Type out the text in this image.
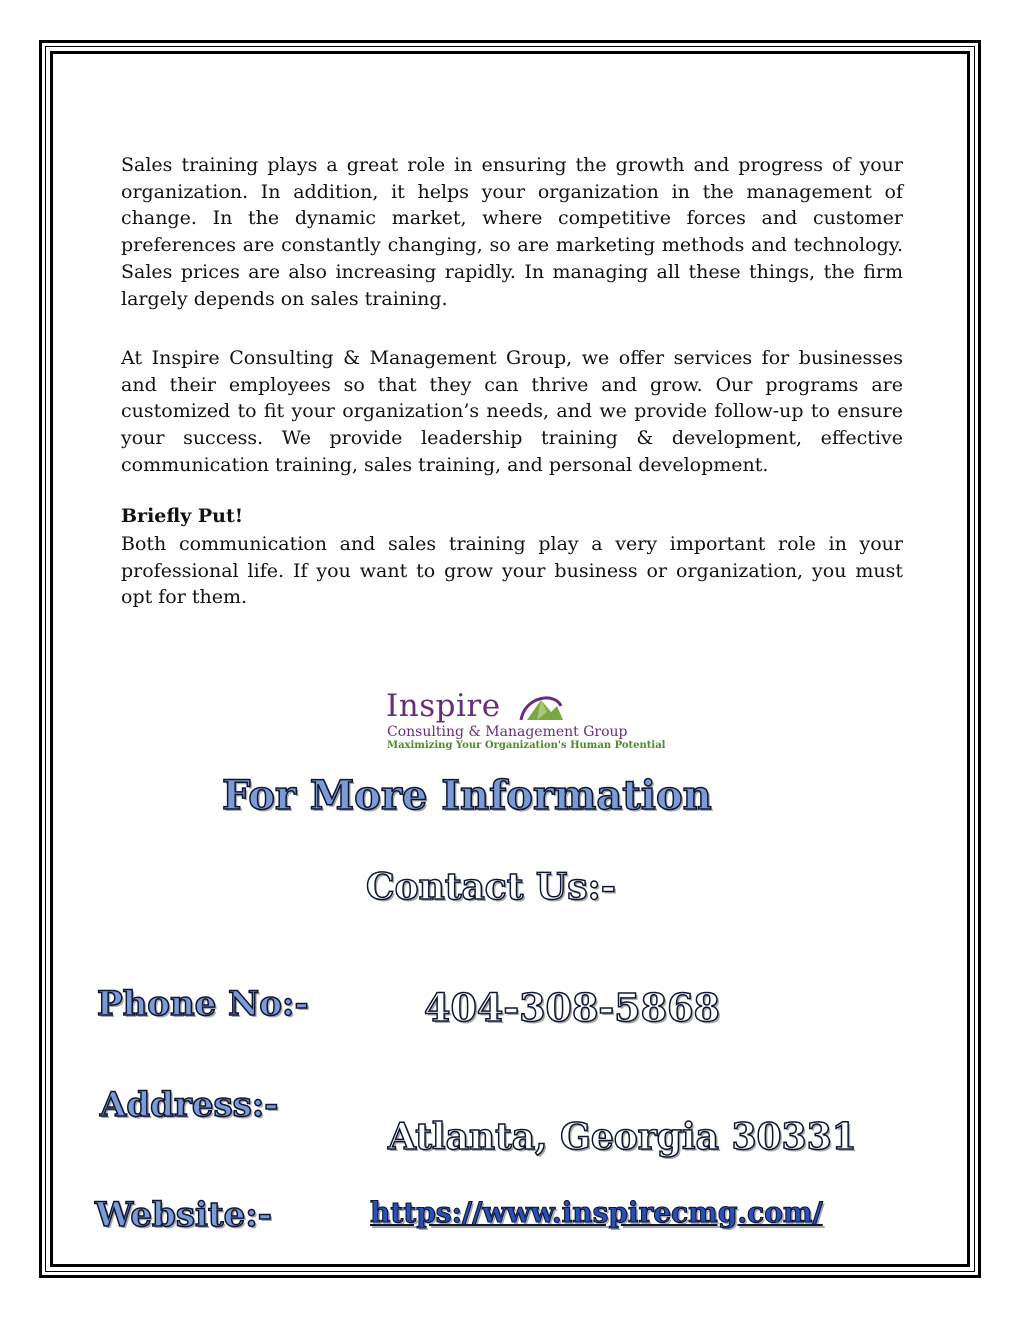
Sales training plays a great role in ensuring the growth and progress of your organization. In addition, it helps your organization in the management of change. In the dynamic market, where competitive forces and customer preferences are constantly changing, so are marketing methods and technology. Sales prices are also increasing rapidly. In managing all these things, the firm largely depends on sales training.

At Inspire Consulting & Management Group, we offer services for businesses and their employees so that they can thrive and grow. Our programs are customized to fit your organization’s needs, and we provide follow-up to ensure your success. We provide leadership training & development, effective communication training, sales training, and personal development.

Briefly Put!

Both communication and sales training play a very important role in your professional life. If you want to grow your business or organization, you must opt for them.

Inspire
Consulting & Management Group
Maximizing Your Organization's Human Potential
For More Information
Contact Us:-
Phone No:-	404-308-5868
Address:-
Atlanta, Georgia 30331
Website:-	https://www.inspirecmg.com/
